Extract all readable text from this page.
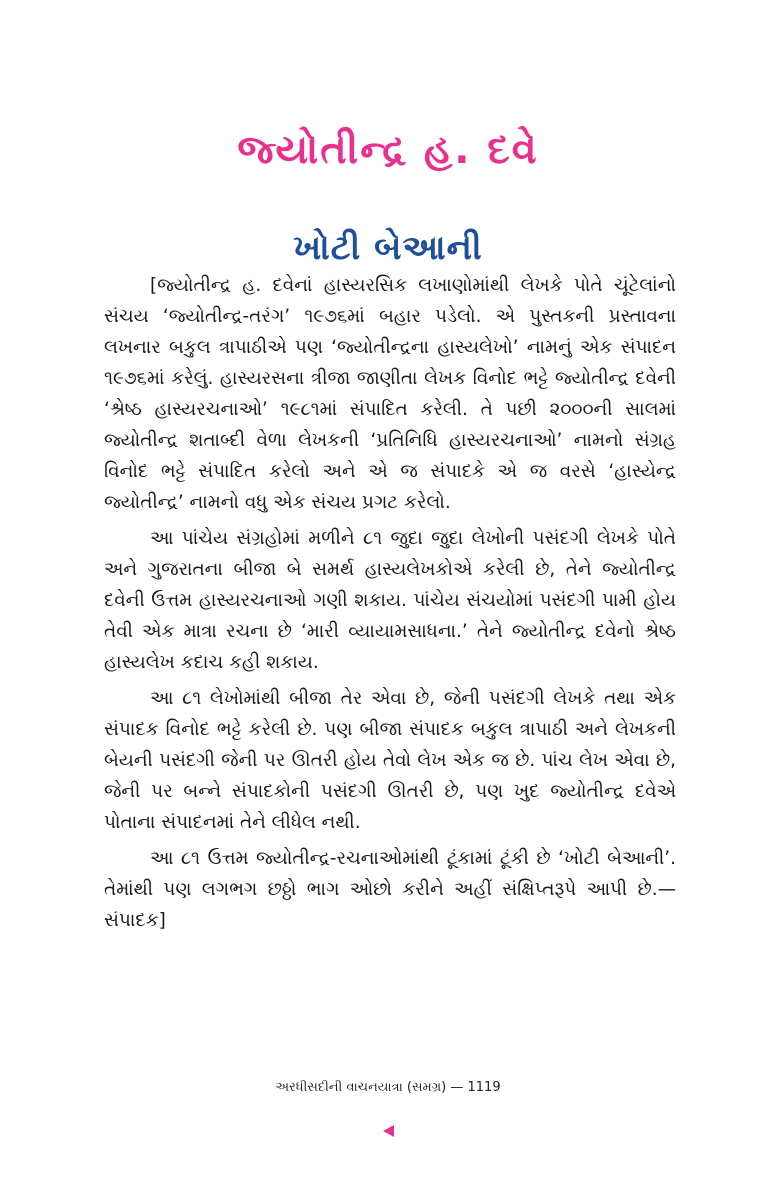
જ્યોતીન્દ્ર હ. દવે
ખોટી બેઆની

[જ્યોતીન્દ્ર હ. દવેનાં હાસ્યરસિક લખાણોમાંથી લેખકે પોતે ચૂંટેલાંનો સંચય ‘જ્યોતીન્દ્ર-તરંગ’ ૧૯૭૬માં બહાર પડેલો. એ પુસ્તકની પ્રસ્તાવના લખનાર બકુલ ત્રાપાઠીએ પણ ‘જ્યોતીન્દ્રના હાસ્યલેખો’ નામનું એક સંપાદન ૧૯૭૬માં કરેલું. હાસ્યરસના ત્રીજા જાણીતા લેખક વિનોદ ભટ્ટે જ્યોતીન્દ્ર દવેની ‘શ્રેષ્ઠ હાસ્યરચનાઓ’ ૧૯૮૧માં સંપાદિત કરેલી. તે પછી ૨૦૦૦ની સાલમાં જ્યોતીન્દ્ર શતાબ્દી વેળા લેખકની ‘પ્રતિનિધિ હાસ્યરચનાઓ’ નામનો સંગ્રહ વિનોદ ભટ્ટે સંપાદિત કરેલો અને એ જ સંપાદકે એ જ વરસે ‘હાસ્યેન્દ્ર જ્યોતીન્દ્ર’ નામનો વધુ એક સંચય પ્રગટ કરેલો.

આ પાંચેય સંગ્રહોમાં મળીને ૮૧ જુદા જુદા લેખોની પસંદગી લેખકે પોતે અને ગુજરાતના બીજા બે સમર્થ હાસ્યલેખકોએ કરેલી છે, તેને જ્યોતીન્દ્ર દવેની ઉત્તમ હાસ્યરચનાઓ ગણી શકાય. પાંચેય સંચયોમાં પસંદગી પામી હોય તેવી એક માત્રા રચના છે ‘મારી વ્યાયામસાધના.’ તેને જ્યોતીન્દ્ર દવેનો શ્રેષ્ઠ હાસ્યલેખ કદાચ કહી શકાય.

આ ૮૧ લેખોમાંથી બીજા તેર એવા છે, જેની પસંદગી લેખકે તથા એક સંપાદક વિનોદ ભટ્ટે કરેલી છે. પણ બીજા સંપાદક બકુલ ત્રાપાઠી અને લેખકની બેયની પસંદગી જેની પર ઊતરી હોય તેવો લેખ એક જ છે. પાંચ લેખ એવા છે, જેની પર બન્ને સંપાદકોની પસંદગી ઊતરી છે, પણ ખુદ જ્યોતીન્દ્ર દવેએ પોતાના સંપાદનમાં તેને લીધેલ નથી.

આ ૮૧ ઉત્તમ જ્યોતીન્દ્ર-રચનાઓમાંથી ટૂંકામાં ટૂંકી છે ‘ખોટી બેઆની’. તેમાંથી પણ લગભગ છઠ્ઠો ભાગ ઓછો કરીને અહીં સંક્ષિપ્તરૂપે આપી છે.—સંપાદક]

અરધીસદીની વાચનયાત્રા (સમગ્ર) — 1119
